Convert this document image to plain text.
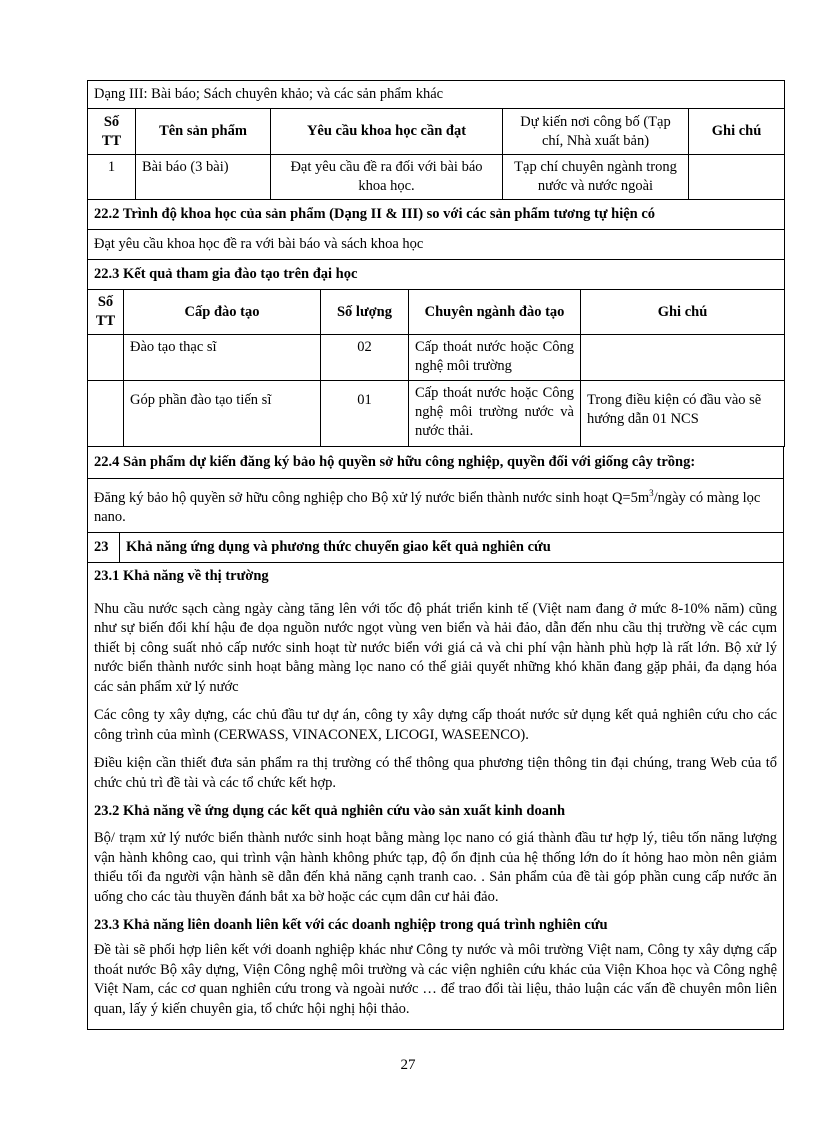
Dạng III: Bài báo; Sách chuyên khảo; và các sản phẩm khác				
Số TT	Tên sản phẩm	Yêu cầu khoa học cần đạt	Dự kiến nơi công bố (Tạp chí, Nhà xuất bản)	Ghi chú
1	Bài báo (3 bài)	Đạt yêu cầu đề ra đối với bài báo khoa học.	Tạp chí chuyên ngành trong nước và nước ngoài	
22.2 Trình độ khoa học của sản phẩm (Dạng II & III) so với các sản phẩm tương tự hiện có				
Đạt yêu cầu khoa học đề ra với bài báo và sách khoa học				
22.3 Kết quả tham gia đào tạo trên đại học				
Số TT	Cấp đào tạo	Số lượng	Chuyên ngành đào tạo	Ghi chú
	Đào tạo thạc sĩ	02	Cấp thoát nước hoặc Công nghệ môi trường	
	Góp phần đào tạo tiến sĩ	01	Cấp thoát nước hoặc Công nghệ môi trường nước và nước thải.	Trong điều kiện có đầu vào sẽ hướng dẫn 01 NCS
22.4 Sản phẩm dự kiến đăng ký bảo hộ quyền sở hữu công nghiệp, quyền đối với giống cây trồng:
Đăng ký bảo hộ quyền sở hữu công nghiệp cho Bộ xử lý nước biển thành nước sinh hoạt $Q=5m^3$/ngày có màng lọc nano.
23	Khả năng ứng dụng và phương thức chuyển giao kết quả nghiên cứu

23.1 Khả năng về thị trường

Nhu cầu nước sạch càng ngày càng tăng lên với tốc độ phát triển kinh tế (Việt nam đang ở mức 8-10% năm) cũng như sự biến đổi khí hậu đe dọa nguồn nước ngọt vùng ven biển và hải đảo, dẫn đến nhu cầu thị trường về các cụm thiết bị công suất nhỏ cấp nước sinh hoạt từ nước biển với giá cả và chi phí vận hành phù hợp là rất lớn. Bộ xử lý nước biển thành nước sinh hoạt bằng màng lọc nano có thể giải quyết những khó khăn đang gặp phải, đa dạng hóa các sản phẩm xử lý nước

Các công ty xây dựng, các chủ đầu tư dự án, công ty xây dựng cấp thoát nước sử dụng kết quả nghiên cứu cho các công trình của mình (CERWASS, VINACONEX, LICOGI, WASEENCO).

Điều kiện cần thiết đưa sản phẩm ra thị trường có thể thông qua phương tiện thông tin đại chúng, trang Web của tổ chức chủ trì đề tài và các tổ chức kết hợp.

23.2 Khả năng về ứng dụng các kết quả nghiên cứu vào sản xuất kinh doanh

Bộ/ trạm xử lý nước biển thành nước sinh hoạt bằng màng lọc nano có giá thành đầu tư hợp lý, tiêu tốn năng lượng vận hành không cao, qui trình vận hành không phức tạp, độ ổn định của hệ thống lớn do ít hỏng hao mòn nên giảm thiểu tối đa người vận hành sẽ dẫn đến khả năng cạnh tranh cao. . Sản phẩm của đề tài góp phần cung cấp nước ăn uống cho các tàu thuyền đánh bắt xa bờ hoặc các cụm dân cư hải đảo.

23.3 Khả năng liên doanh liên kết với các doanh nghiệp trong quá trình nghiên cứu

Đề tài sẽ phối hợp liên kết với doanh nghiệp khác như Công ty nước và môi trường Việt nam, Công ty xây dựng cấp thoát nước Bộ xây dựng, Viện Công nghệ môi trường và các viện nghiên cứu khác của Viện Khoa học và Công nghệ Việt Nam, các cơ quan nghiên cứu trong và ngoài nước … để trao đổi tài liệu, thảo luận các vấn đề chuyên môn liên quan, lấy ý kiến chuyên gia, tổ chức hội nghị hội thảo.

27
